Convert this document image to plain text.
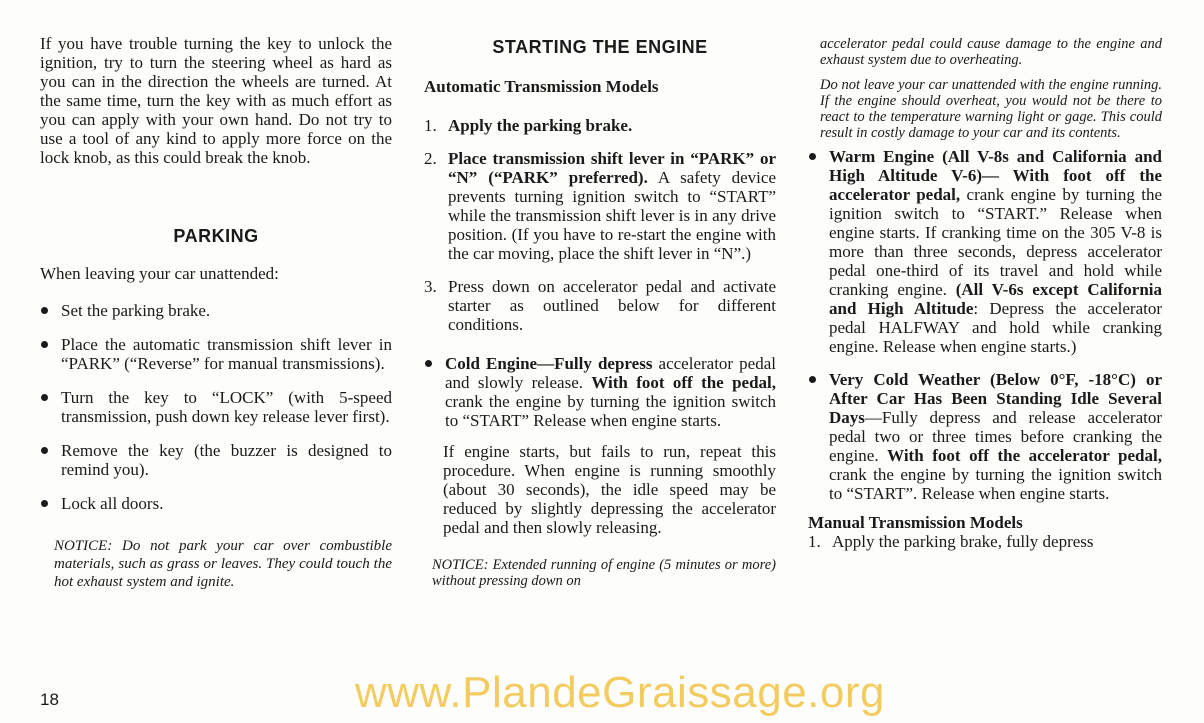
If you have trouble turning the key to unlock the ignition, try to turn the steering wheel as hard as you can in the direction the wheels are turned. At the same time, turn the key with as much effort as you can apply with your own hand. Do not try to use a tool of any kind to apply more force on the lock knob, as this could break the knob.

PARKING

When leaving your car unattended:

Set the parking brake.

Place the automatic transmission shift lever in “PARK” (“Reverse” for manual transmissions).

Turn the key to “LOCK” (with 5-speed transmission, push down key release lever first).

Remove the key (the buzzer is designed to remind you).

Lock all doors.

NOTICE: Do not park your car over combustible materials, such as grass or leaves. They could touch the hot exhaust system and ignite.

STARTING THE ENGINE

Automatic Transmission Models

1. Apply the parking brake.

2. Place transmission shift lever in “PARK” or “N” (“PARK” preferred). A safety device prevents turning ignition switch to “START” while the transmission shift lever is in any drive position. (If you have to re-start the engine with the car moving, place the shift lever in “N”.)

3. Press down on accelerator pedal and activate starter as outlined below for different conditions.

Cold Engine—Fully depress accelerator pedal and slowly release. With foot off the pedal, crank the engine by turning the ignition switch to “START” Release when engine starts.

If engine starts, but fails to run, repeat this procedure. When engine is running smoothly (about 30 seconds), the idle speed may be reduced by slightly depressing the accelerator pedal and then slowly releasing.

NOTICE: Extended running of engine (5 minutes or more) without pressing down on

accelerator pedal could cause damage to the engine and exhaust system due to overheating.

Do not leave your car unattended with the engine running. If the engine should overheat, you would not be there to react to the temperature warning light or gage. This could result in costly damage to your car and its contents.

Warm Engine (All V-8s and California and High Altitude V-6)— With foot off the accelerator pedal, crank engine by turning the ignition switch to “START.” Release when engine starts. If cranking time on the 305 V-8 is more than three seconds, depress accelerator pedal one-third of its travel and hold while cranking engine. (All V-6s except California and High Altitude: Depress the accelerator pedal HALFWAY and hold while cranking engine. Release when engine starts.)

Very Cold Weather (Below 0°F, -18°C) or After Car Has Been Standing Idle Several Days—Fully depress and release accelerator pedal two or three times before cranking the engine. With foot off the accelerator pedal, crank the engine by turning the ignition switch to “START”. Release when engine starts.

Manual Transmission Models

1. Apply the parking brake, fully depress

18	www.PlandeGraissage.org
